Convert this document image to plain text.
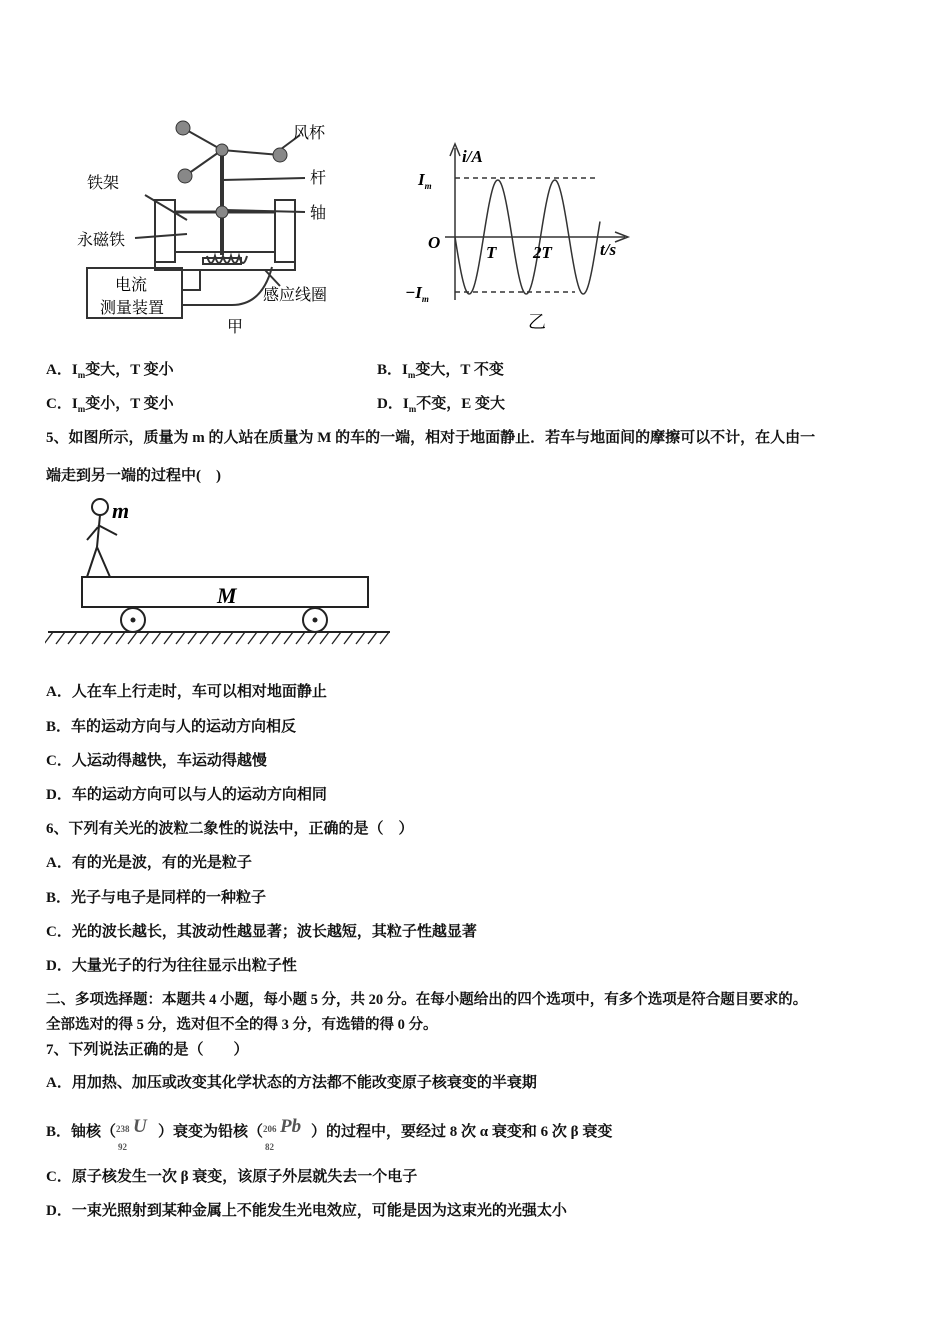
风杯
杆
铁架
轴
永磁铁
电流
测量装置
感应线圈
甲
i/A
$I_m$
$-I_m$
O
T 2T	t/s
乙
A．$I_m$变大，T 变小	B．$I_m$变大，T 不变
C．$I_m$变小，T 变小	D．$I_m$不变，E 变大
5、如图所示，质量为 m 的人站在质量为 M 的车的一端，相对于地面静止．若车与地面间的摩擦可以不计，在人由一
端走到另一端的过程中(　)
m
M
A．人在车上行走时，车可以相对地面静止
B．车的运动方向与人的运动方向相反
C．人运动得越快，车运动得越慢
D．车的运动方向可以与人的运动方向相同
6、下列有关光的波粒二象性的说法中，正确的是（　）
A．有的光是波，有的光是粒子
B．光子与电子是同样的一种粒子
C．光的波长越长，其波动性越显著；波长越短，其粒子性越显著
D．大量光子的行为往往显示出粒子性
二、多项选择题：本题共 4 小题，每小题 5 分，共 20 分。在每小题给出的四个选项中，有多个选项是符合题目要求的。
全部选对的得 5 分，选对但不全的得 3 分，有选错的得 0 分。
7、下列说法正确的是（　　）
A．用加热、加压或改变其化学状态的方法都不能改变原子核衰变的半衰期
B．铀核（ 238
92
U ）衰变为铅核（ 206
82
Pb ）的过程中，要经过 8 次 α 衰变和 6 次 β 衰变
C．原子核发生一次 β 衰变，该原子外层就失去一个电子
D．一束光照射到某种金属上不能发生光电效应，可能是因为这束光的光强太小
